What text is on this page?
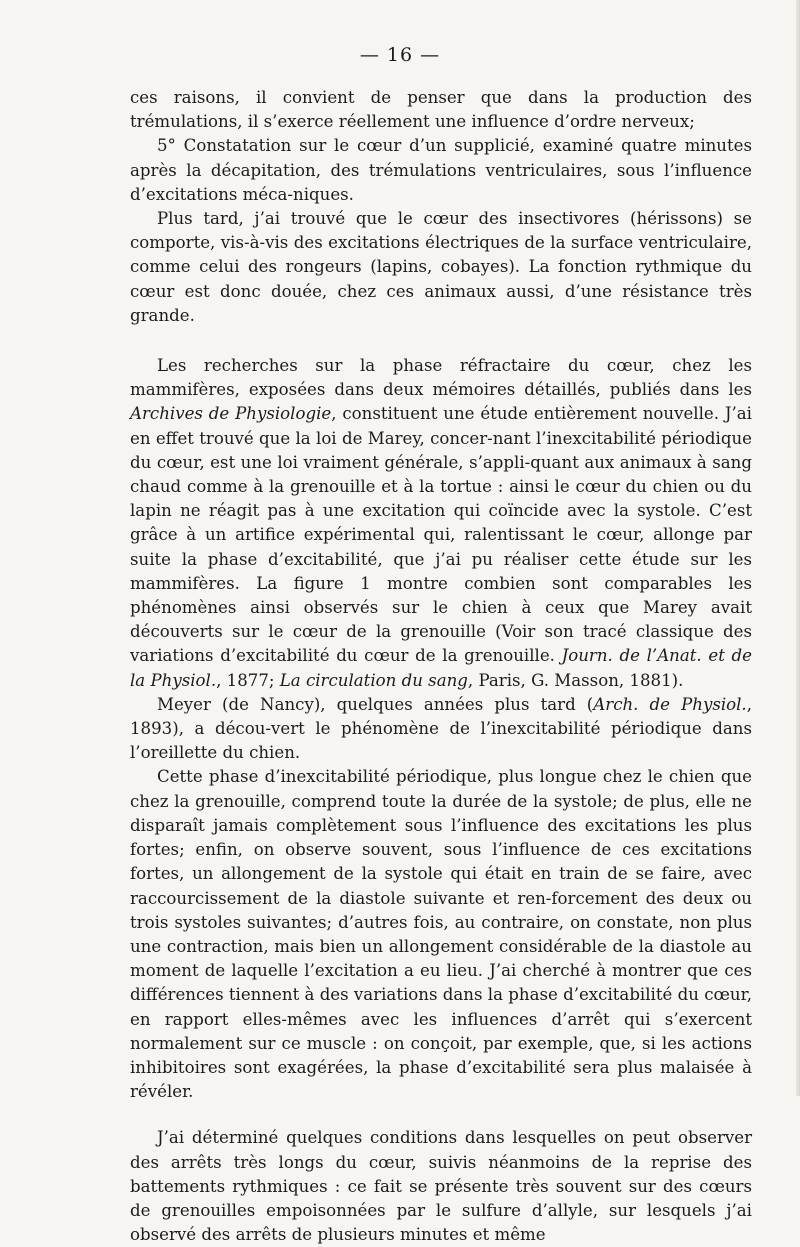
— 16 —

ces raisons, il convient de penser que dans la production des trémulations, il s’exerce réellement une influence d’ordre nerveux;

5° Constatation sur le cœur d’un supplicié, examiné quatre minutes après la décapitation, des trémulations ventriculaires, sous l’influence d’excitations méca-niques.

Plus tard, j’ai trouvé que le cœur des insectivores (hérissons) se comporte, vis-à-vis des excitations électriques de la surface ventriculaire, comme celui des rongeurs (lapins, cobayes). La fonction rythmique du cœur est donc douée, chez ces animaux aussi, d’une résistance très grande.

Les recherches sur la phase réfractaire du cœur, chez les mammifères, exposées dans deux mémoires détaillés, publiés dans les Archives de Physiologie, constituent une étude entièrement nouvelle. J’ai en effet trouvé que la loi de Marey, concer-nant l’inexcitabilité périodique du cœur, est une loi vraiment générale, s’appli-quant aux animaux à sang chaud comme à la grenouille et à la tortue : ainsi le cœur du chien ou du lapin ne réagit pas à une excitation qui coïncide avec la systole. C’est grâce à un artifice expérimental qui, ralentissant le cœur, allonge par suite la phase d’excitabilité, que j’ai pu réaliser cette étude sur les mammifères. La figure 1 montre combien sont comparables les phénomènes ainsi observés sur le chien à ceux que Marey avait découverts sur le cœur de la grenouille (Voir son tracé classique des variations d’excitabilité du cœur de la grenouille. Journ. de l’Anat. et de la Physiol., 1877; La circulation du sang, Paris, G. Masson, 1881).

Meyer (de Nancy), quelques années plus tard (Arch. de Physiol., 1893), a décou-vert le phénomène de l’inexcitabilité périodique dans l’oreillette du chien.

Cette phase d’inexcitabilité périodique, plus longue chez le chien que chez la grenouille, comprend toute la durée de la systole; de plus, elle ne disparaît jamais complètement sous l’influence des excitations les plus fortes; enfin, on observe souvent, sous l’influence de ces excitations fortes, un allongement de la systole qui était en train de se faire, avec raccourcissement de la diastole suivante et ren-forcement des deux ou trois systoles suivantes; d’autres fois, au contraire, on constate, non plus une contraction, mais bien un allongement considérable de la diastole au moment de laquelle l’excitation a eu lieu. J’ai cherché à montrer que ces différences tiennent à des variations dans la phase d’excitabilité du cœur, en rapport elles-mêmes avec les influences d’arrêt qui s’exercent normalement sur ce muscle : on conçoit, par exemple, que, si les actions inhibitoires sont exagérées, la phase d’excitabilité sera plus malaisée à révéler.

J’ai déterminé quelques conditions dans lesquelles on peut observer des arrêts très longs du cœur, suivis néanmoins de la reprise des battements rythmiques : ce fait se présente très souvent sur des cœurs de grenouilles empoisonnées par le sulfure d’allyle, sur lesquels j’ai observé des arrêts de plusieurs minutes et même
